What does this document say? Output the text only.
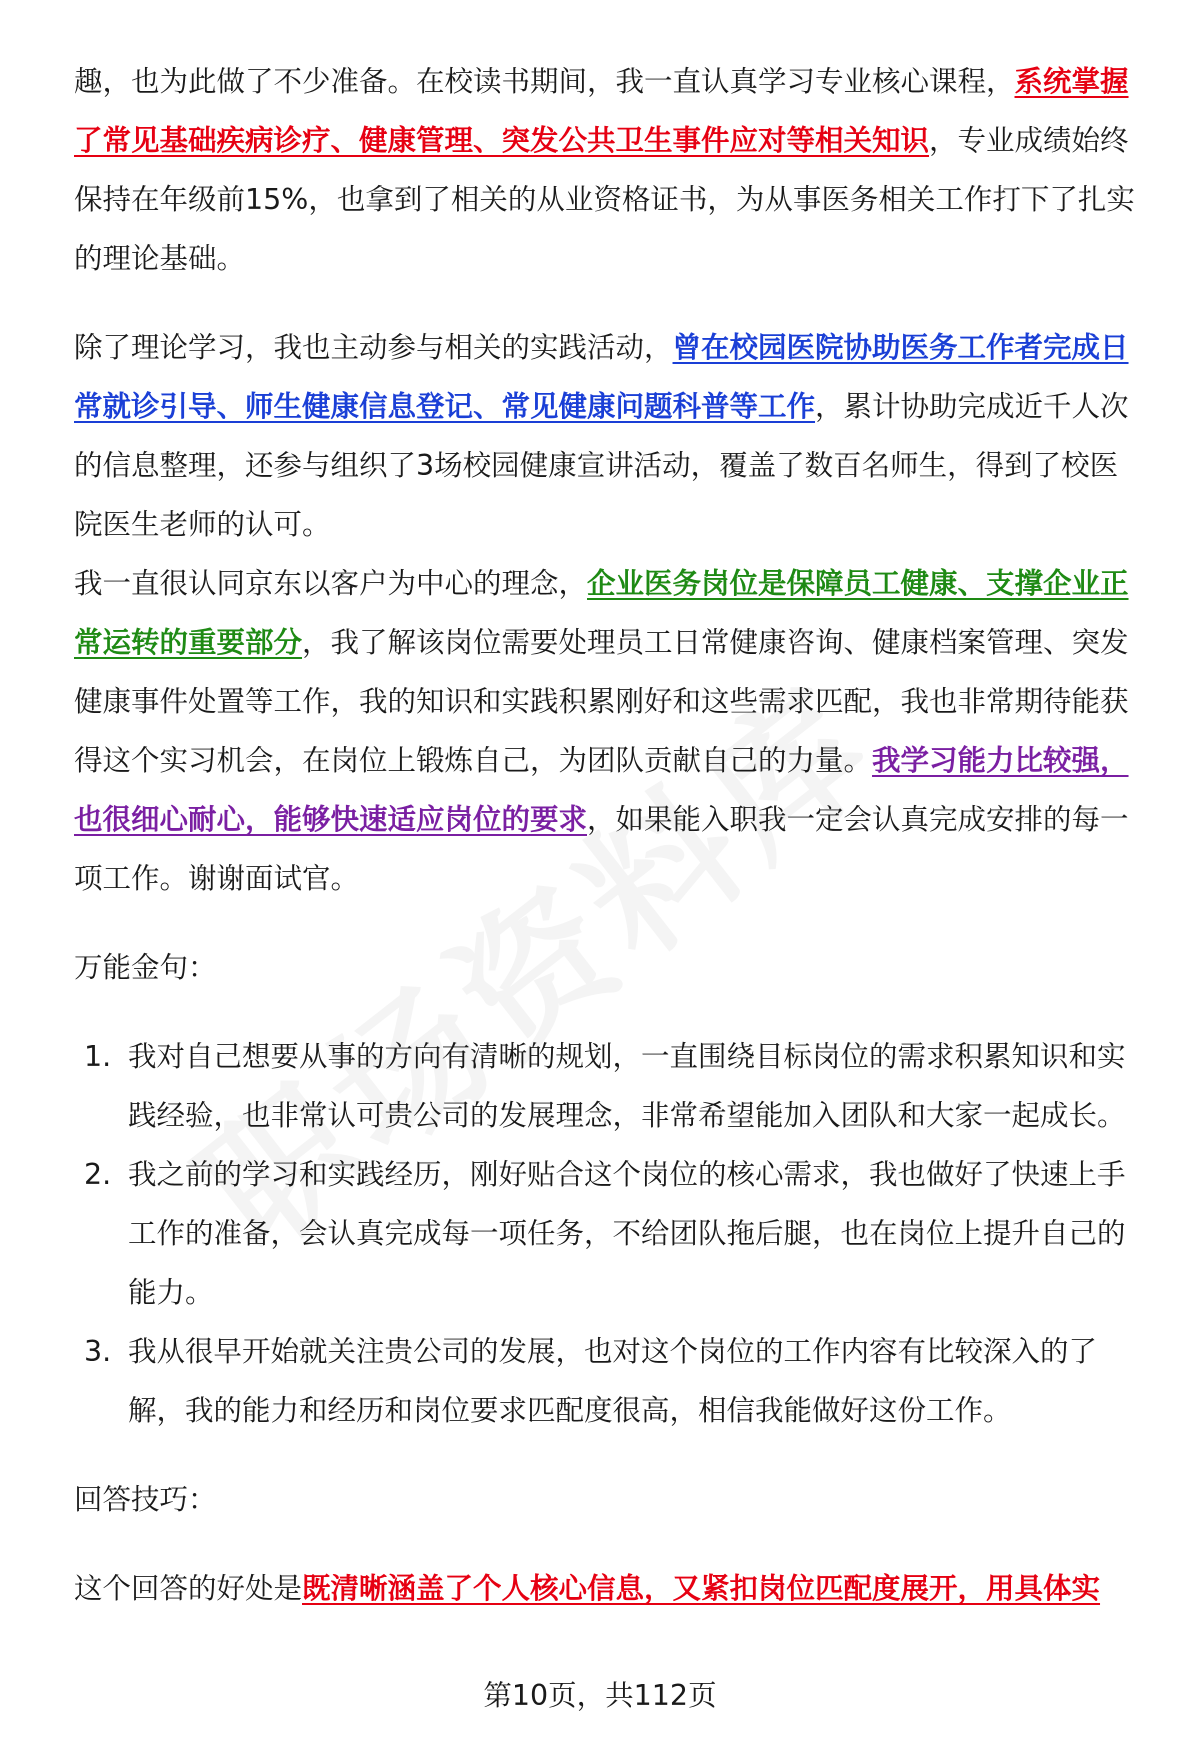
趣，也为此做了不少准备。在校读书期间，我一直认真学习专业核心课程，系统掌握了常见基础疾病诊疗、健康管理、突发公共卫生事件应对等相关知识，专业成绩始终保持在年级前15%，也拿到了相关的从业资格证书，为从事医务相关工作打下了扎实的理论基础。

除了理论学习，我也主动参与相关的实践活动，曾在校园医院协助医务工作者完成日常就诊引导、师生健康信息登记、常见健康问题科普等工作，累计协助完成近千人次的信息整理，还参与组织了3场校园健康宣讲活动，覆盖了数百名师生，得到了校医院医生老师的认可。

我一直很认同京东以客户为中心的理念，企业医务岗位是保障员工健康、支撑企业正常运转的重要部分，我了解该岗位需要处理员工日常健康咨询、健康档案管理、突发健康事件处置等工作，我的知识和实践积累刚好和这些需求匹配，我也非常期待能获得这个实习机会，在岗位上锻炼自己，为团队贡献自己的力量。我学习能力比较强，也很细心耐心，能够快速适应岗位的要求，如果能入职我一定会认真完成安排的每一项工作。谢谢面试官。

万能金句：

1. 我对自己想要从事的方向有清晰的规划，一直围绕目标岗位的需求积累知识和实践经验，也非常认可贵公司的发展理念，非常希望能加入团队和大家一起成长。
2. 我之前的学习和实践经历，刚好贴合这个岗位的核心需求，我也做好了快速上手工作的准备，会认真完成每一项任务，不给团队拖后腿，也在岗位上提升自己的能力。
3. 我从很早开始就关注贵公司的发展，也对这个岗位的工作内容有比较深入的了解，我的能力和经历和岗位要求匹配度很高，相信我能做好这份工作。

回答技巧：

这个回答的好处是既清晰涵盖了个人核心信息，又紧扣岗位匹配度展开，用具体实

第10页，共112页
